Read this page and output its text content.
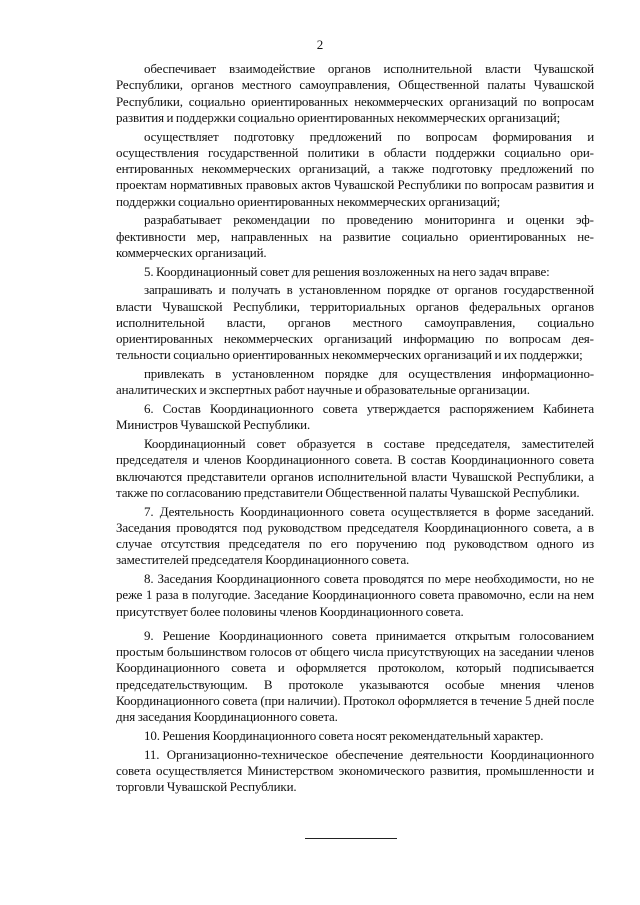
2

обеспечивает взаимодействие органов исполнительной власти Чувашской Республики, органов местного самоуправления, Общественной палаты Чувашской Республики, социально ориентированных некоммерческих организаций по вопросам развития и поддержки социально ориентированных некоммерческих организаций;

осуществляет подготовку предложений по вопросам формирования и осуществления государственной политики в области поддержки социально ориентированных некоммерческих организаций, а также подготовку предложений по проектам нормативных правовых актов Чувашской Республики по вопросам развития и поддержки социально ориентированных некоммерческих организаций;

разрабатывает рекомендации по проведению мониторинга и оценки эффективности мер, направленных на развитие социально ориентированных некоммерческих организаций.

5. Координационный совет для решения возложенных на него задач вправе:

запрашивать и получать в установленном порядке от органов государственной власти Чувашской Республики, территориальных органов федеральных органов исполнительной власти, органов местного самоуправления, социально ориентированных некоммерческих организаций информацию по вопросам деятельности социально ориентированных некоммерческих организаций и их поддержки;

привлекать в установленном порядке для осуществления информационно-аналитических и экспертных работ научные и образовательные организации.

6. Состав Координационного совета утверждается распоряжением Кабинета Министров Чувашской Республики.

Координационный совет образуется в составе председателя, заместителей председателя и членов Координационного совета. В состав Координационного совета включаются представители органов исполнительной власти Чувашской Республики, а также по согласованию представители Общественной палаты Чувашской Республики.

7. Деятельность Координационного совета осуществляется в форме заседаний. Заседания проводятся под руководством председателя Координационного совета, а в случае отсутствия председателя по его поручению под руководством одного из заместителей председателя Координационного совета.

8. Заседания Координационного совета проводятся по мере необходимости, но не реже 1 раза в полугодие. Заседание Координационного совета правомочно, если на нем присутствует более половины членов Координационного совета.

9. Решение Координационного совета принимается открытым голосованием простым большинством голосов от общего числа присутствующих на заседании членов Координационного совета и оформляется протоколом, который подписывается председательствующим. В протоколе указываются особые мнения членов Координационного совета (при наличии). Протокол оформляется в течение 5 дней после дня заседания Координационного совета.

10. Решения Координационного совета носят рекомендательный характер.

11. Организационно-техническое обеспечение деятельности Координационного совета осуществляется Министерством экономического развития, промышленности и торговли Чувашской Республики.
